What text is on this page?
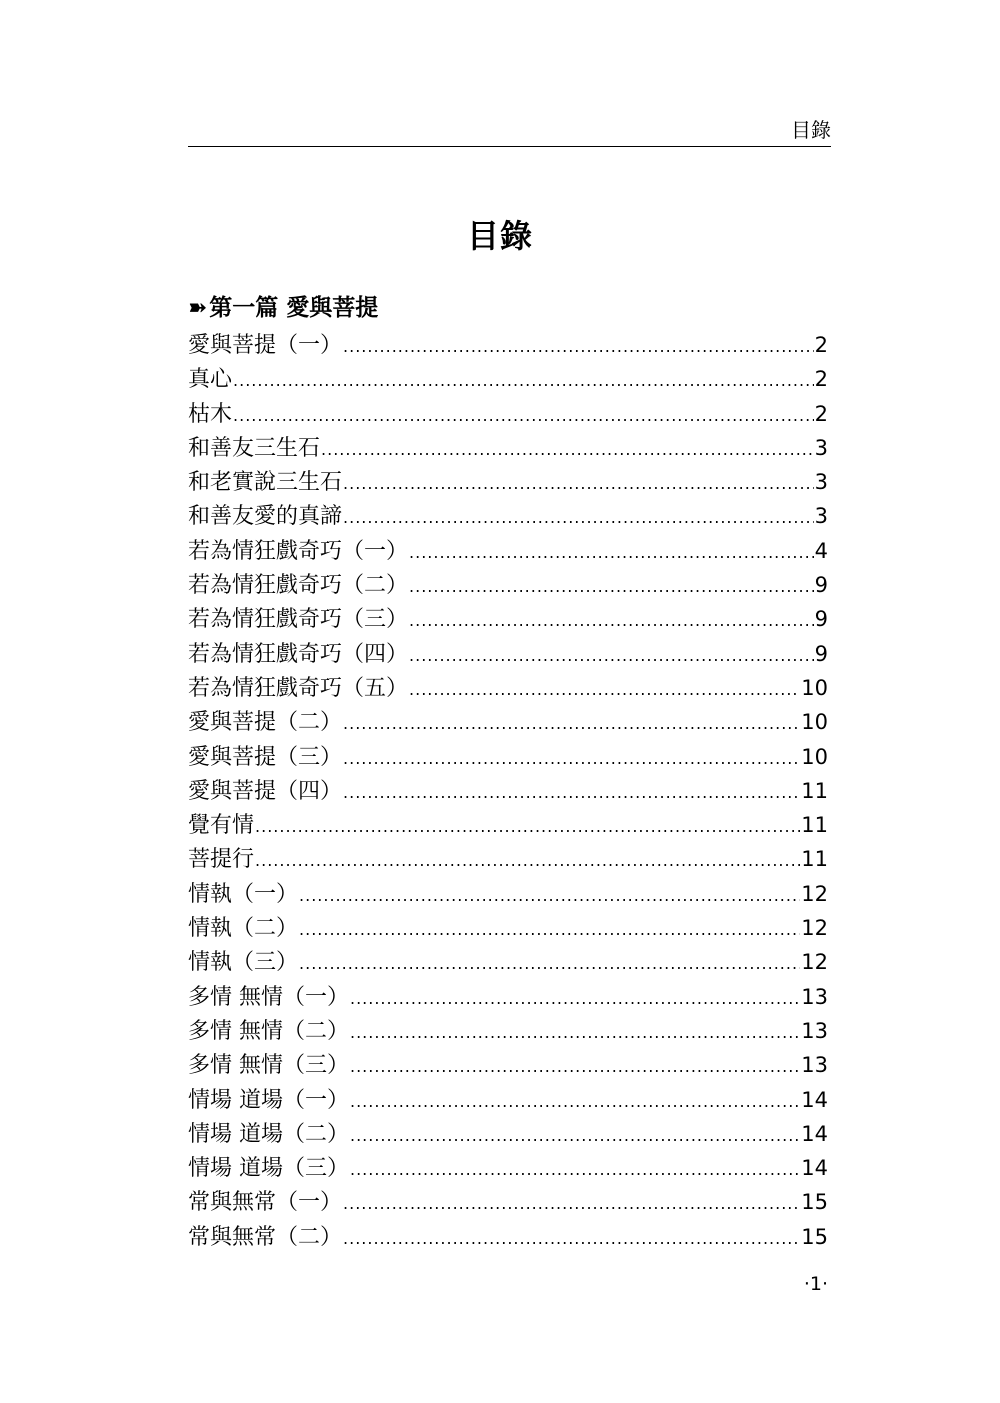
目錄
目錄
➽第一篇 愛與菩提
愛與菩提（一） .....	2
真心 .....	2
枯木 .....	2
和善友三生石 .....	3
和老實說三生石 .....	3
和善友愛的真諦 .....	3
若為情狂戲奇巧（一） .....	4
若為情狂戲奇巧（二） .....	9
若為情狂戲奇巧（三） .....	9
若為情狂戲奇巧（四） .....	9
若為情狂戲奇巧（五） .....	10
愛與菩提（二） .....	10
愛與菩提（三） .....	10
愛與菩提（四） .....	11
覺有情 .....	11
菩提行 .....	11
情執（一） .....	12
情執（二） .....	12
情執（三） .....	12
多情 無情（一） .....	13
多情 無情（二） .....	13
多情 無情（三） .....	13
情場 道場（一） .....	14
情場 道場（二） .....	14
情場 道場（三） .....	14
常與無常（一） .....	15
常與無常（二） .....	15
·1·
